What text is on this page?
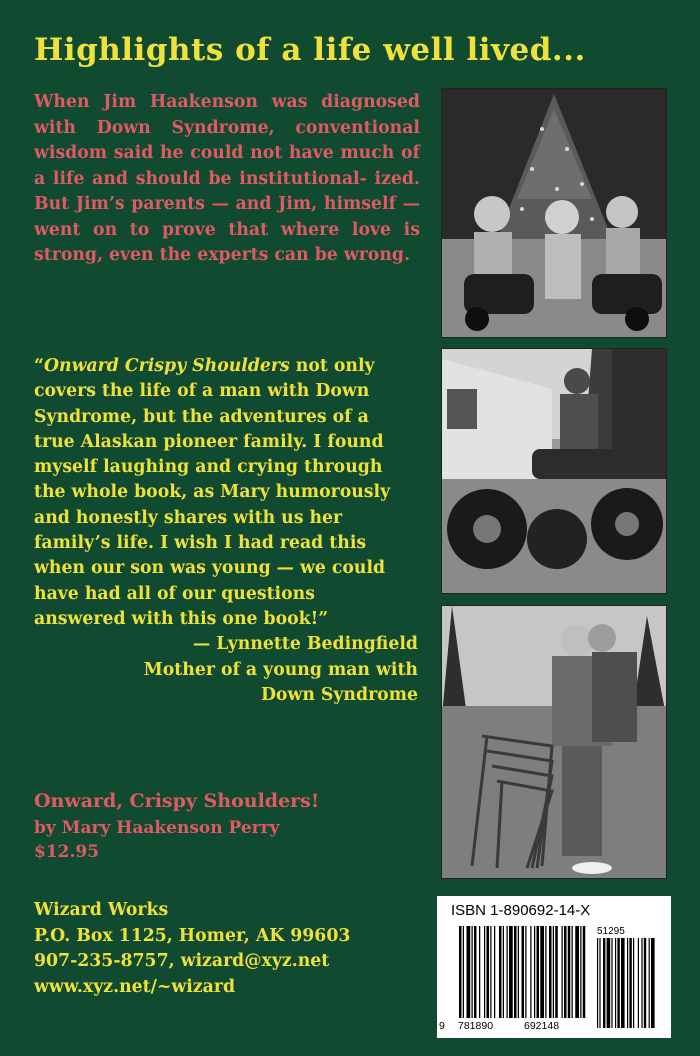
Highlights of a life well lived...

When Jim Haakenson was diagnosed with Down Syndrome, conventional wisdom said he could not have much of a life and should be institutional- ized. But Jim’s parents — and Jim, himself — went on to prove that where love is strong, even the experts can be wrong.

“Onward Crispy Shoulders not only
covers the life of a man with Down
Syndrome, but the adventures of a
true Alaskan pioneer family. I found
myself laughing and crying through
the whole book, as Mary humorously
and honestly shares with us her
family’s life. I wish I had read this
when our son was young — we could
have had all of our questions
answered with this one book!”

— Lynnette Bedingfield
Mother of a young man with
Down Syndrome

Onward, Crispy Shoulders!
by Mary Haakenson Perry
$12.95
Wizard Works
P.O. Box 1125, Homer, AK 99603
907-235-8757, wizard@xyz.net
www.xyz.net/~wizard
ISBN 1-890692-14-X
51295
9 781890	692148
